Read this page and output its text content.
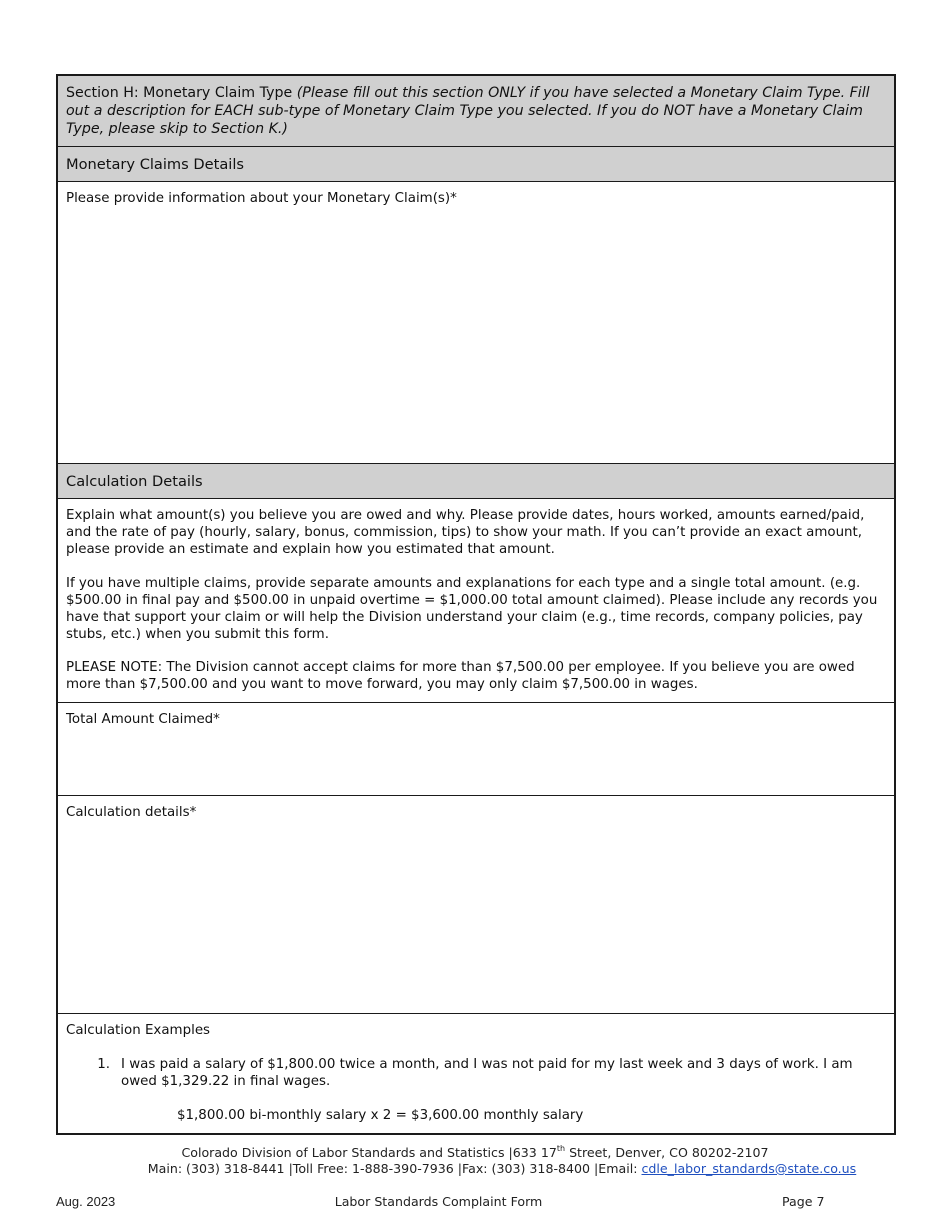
Section H: Monetary Claim Type (Please fill out this section ONLY if you have selected a Monetary Claim Type. Fill out a description for EACH sub-type of Monetary Claim Type you selected. If you do NOT have a Monetary Claim Type, please skip to Section K.)
Monetary Claims Details
Please provide information about your Monetary Claim(s)*
Calculation Details

Explain what amount(s) you believe you are owed and why. Please provide dates, hours worked, amounts earned/paid, and the rate of pay (hourly, salary, bonus, commission, tips) to show your math. If you can’t provide an exact amount, please provide an estimate and explain how you estimated that amount.

If you have multiple claims, provide separate amounts and explanations for each type and a single total amount. (e.g. $500.00 in final pay and $500.00 in unpaid overtime = $1,000.00 total amount claimed). Please include any records you have that support your claim or will help the Division understand your claim (e.g., time records, company policies, pay stubs, etc.) when you submit this form.

PLEASE NOTE: The Division cannot accept claims for more than $7,500.00 per employee. If you believe you are owed more than $7,500.00 and you want to move forward, you may only claim $7,500.00 in wages.

Total Amount Claimed*
Calculation details*
Calculation Examples
1. I was paid a salary of $1,800.00 twice a month, and I was not paid for my last week and 3 days of work. I am owed $1,329.22 in final wages.
$1,800.00 bi-monthly salary x 2 = $3,600.00 monthly salary
Colorado Division of Labor Standards and Statistics |633 17th Street, Denver, CO 80202-2107
Main: (303) 318-8441 |Toll Free: 1-888-390-7936 |Fax: (303) 318-8400 |Email: cdle_labor_standards@state.co.us
Aug. 2023	Labor Standards Complaint Form	Page 7
